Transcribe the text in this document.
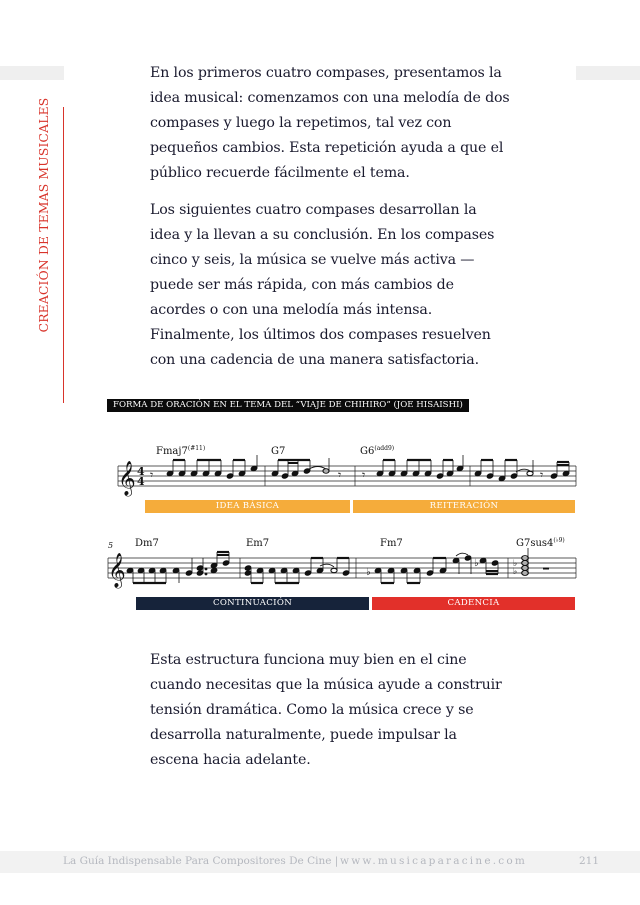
CREACIÓN DE TEMAS MUSICALES

En los primeros cuatro compases, presentamos la idea musical: comenzamos con una melodía de dos compases y luego la repetimos, tal vez con pequeños cambios. Esta repetición ayuda a que el público recuerde fácilmente el tema.

Los siguientes cuatro compases desarrollan la idea y la llevan a su conclusión. En los compases cinco y seis, la música se vuelve más activa —puede ser más rápida, con más cambios de acordes o con una melodía más intensa. Finalmente, los últimos dos compases resuelven con una cadencia de una manera satisfactoria.

FORMA DE ORACIÓN EN EL TEMA DEL “VIAJE DE CHIHIRO” (JOE HISAISHI)
𝄞 4
4
$Fmaj7^{(\#11)}$	G7	$G6^{(add9)}$
𝄾	𝄾 𝄾	𝄾
5
𝄞
Dm7	Em7	Fm7	$G7sus4^{(♭9)}$
♭
♭
♭
♭
IDEA BÁSICA	REITERACIÓN
CONTINUACIÓN	CADENCIA

Esta estructura funciona muy bien en el cine cuando necesitas que la música ayude a construir tensión dramática. Como la música crece y se desarrolla naturalmente, puede impulsar la escena hacia adelante.

La Guía Indispensable Para Compositores De Cine | www.musicaparacine.com	211
